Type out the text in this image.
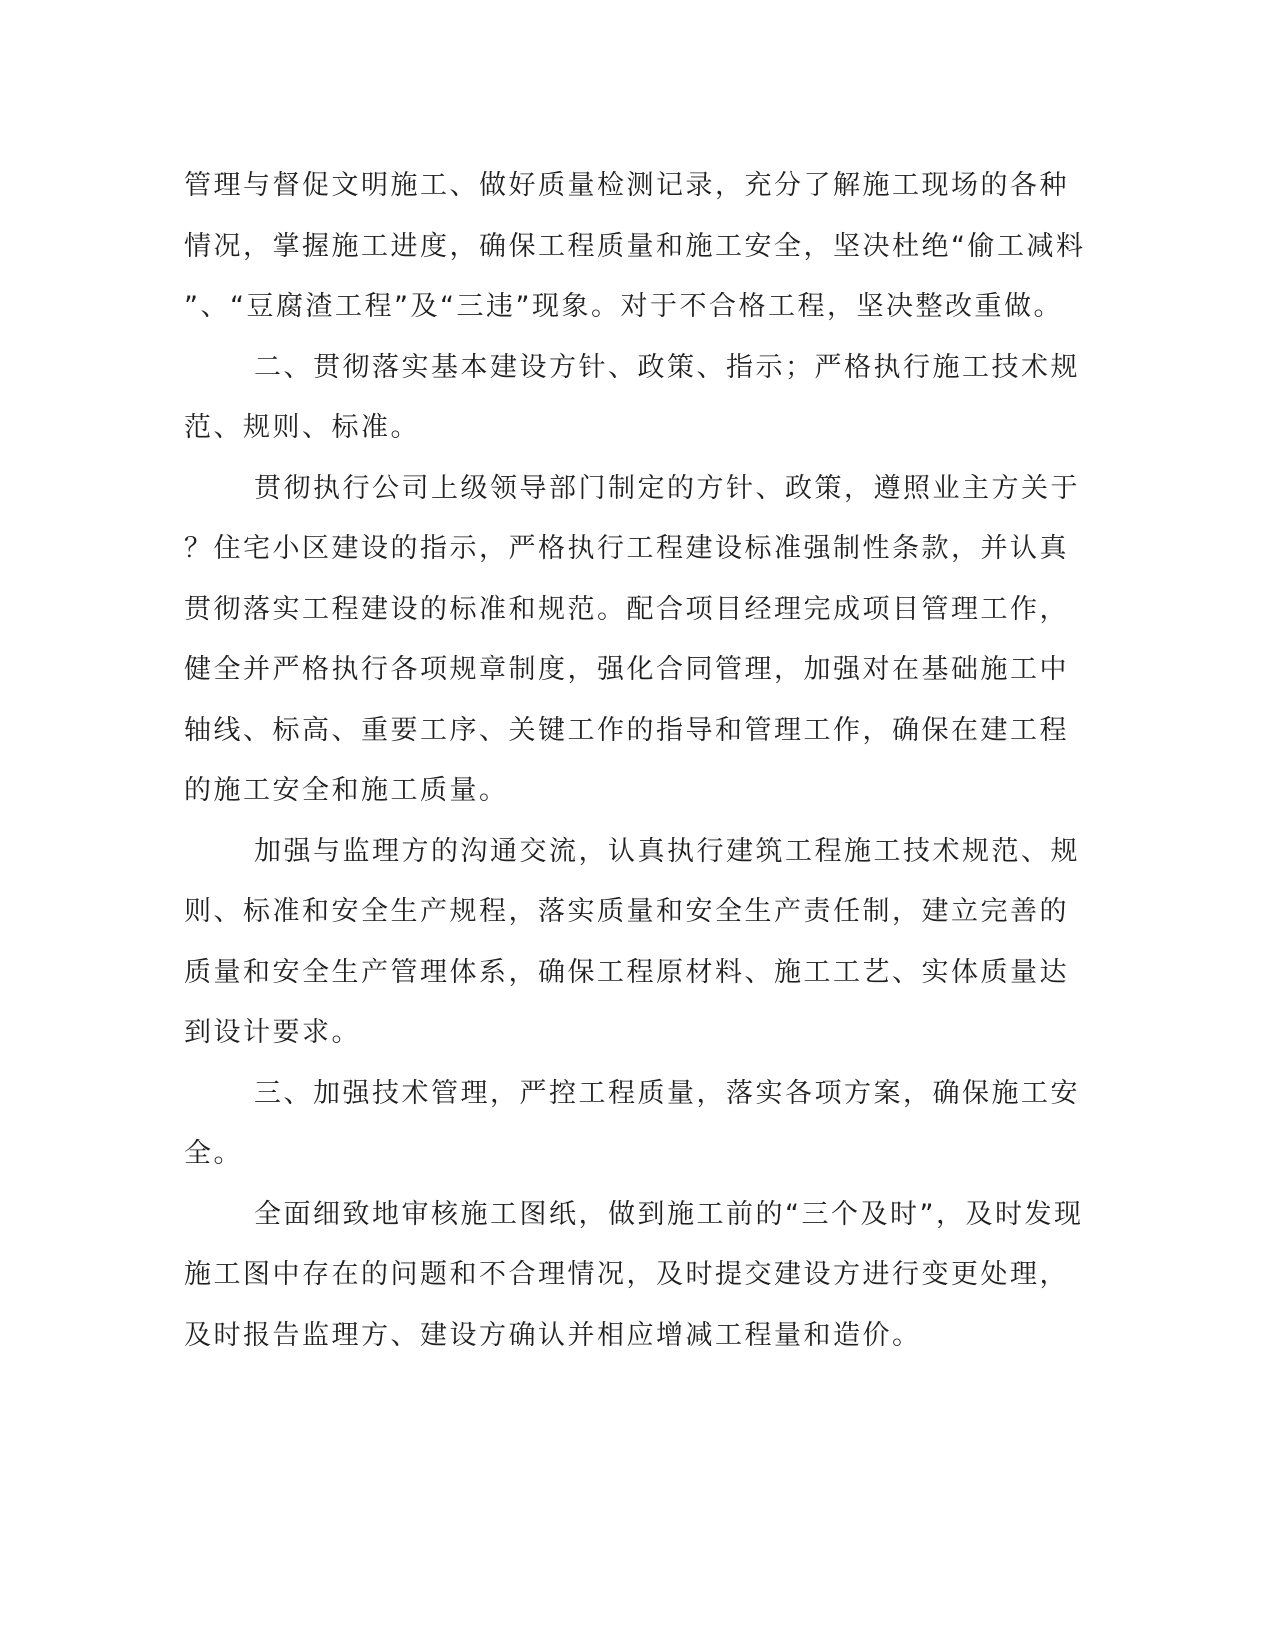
管理与督促文明施工、做好质量检测记录，充分了解施工现场的各种
情况，掌握施工进度，确保工程质量和施工安全，坚决杜绝“偷工减料
”、“豆腐渣工程”及“三违”现象。对于不合格工程，坚决整改重做。

二、贯彻落实基本建设方针、政策、指示；严格执行施工技术规
范、规则、标准。

贯彻执行公司上级领导部门制定的方针、政策，遵照业主方关于
？住宅小区建设的指示，严格执行工程建设标准强制性条款，并认真
贯彻落实工程建设的标准和规范。配合项目经理完成项目管理工作，
健全并严格执行各项规章制度，强化合同管理，加强对在基础施工中
轴线、标高、重要工序、关键工作的指导和管理工作，确保在建工程
的施工安全和施工质量。

加强与监理方的沟通交流，认真执行建筑工程施工技术规范、规
则、标准和安全生产规程，落实质量和安全生产责任制，建立完善的
质量和安全生产管理体系，确保工程原材料、施工工艺、实体质量达
到设计要求。

三、加强技术管理，严控工程质量，落实各项方案，确保施工安
全。

全面细致地审核施工图纸，做到施工前的“三个及时”，及时发现
施工图中存在的问题和不合理情况，及时提交建设方进行变更处理，
及时报告监理方、建设方确认并相应增减工程量和造价。
